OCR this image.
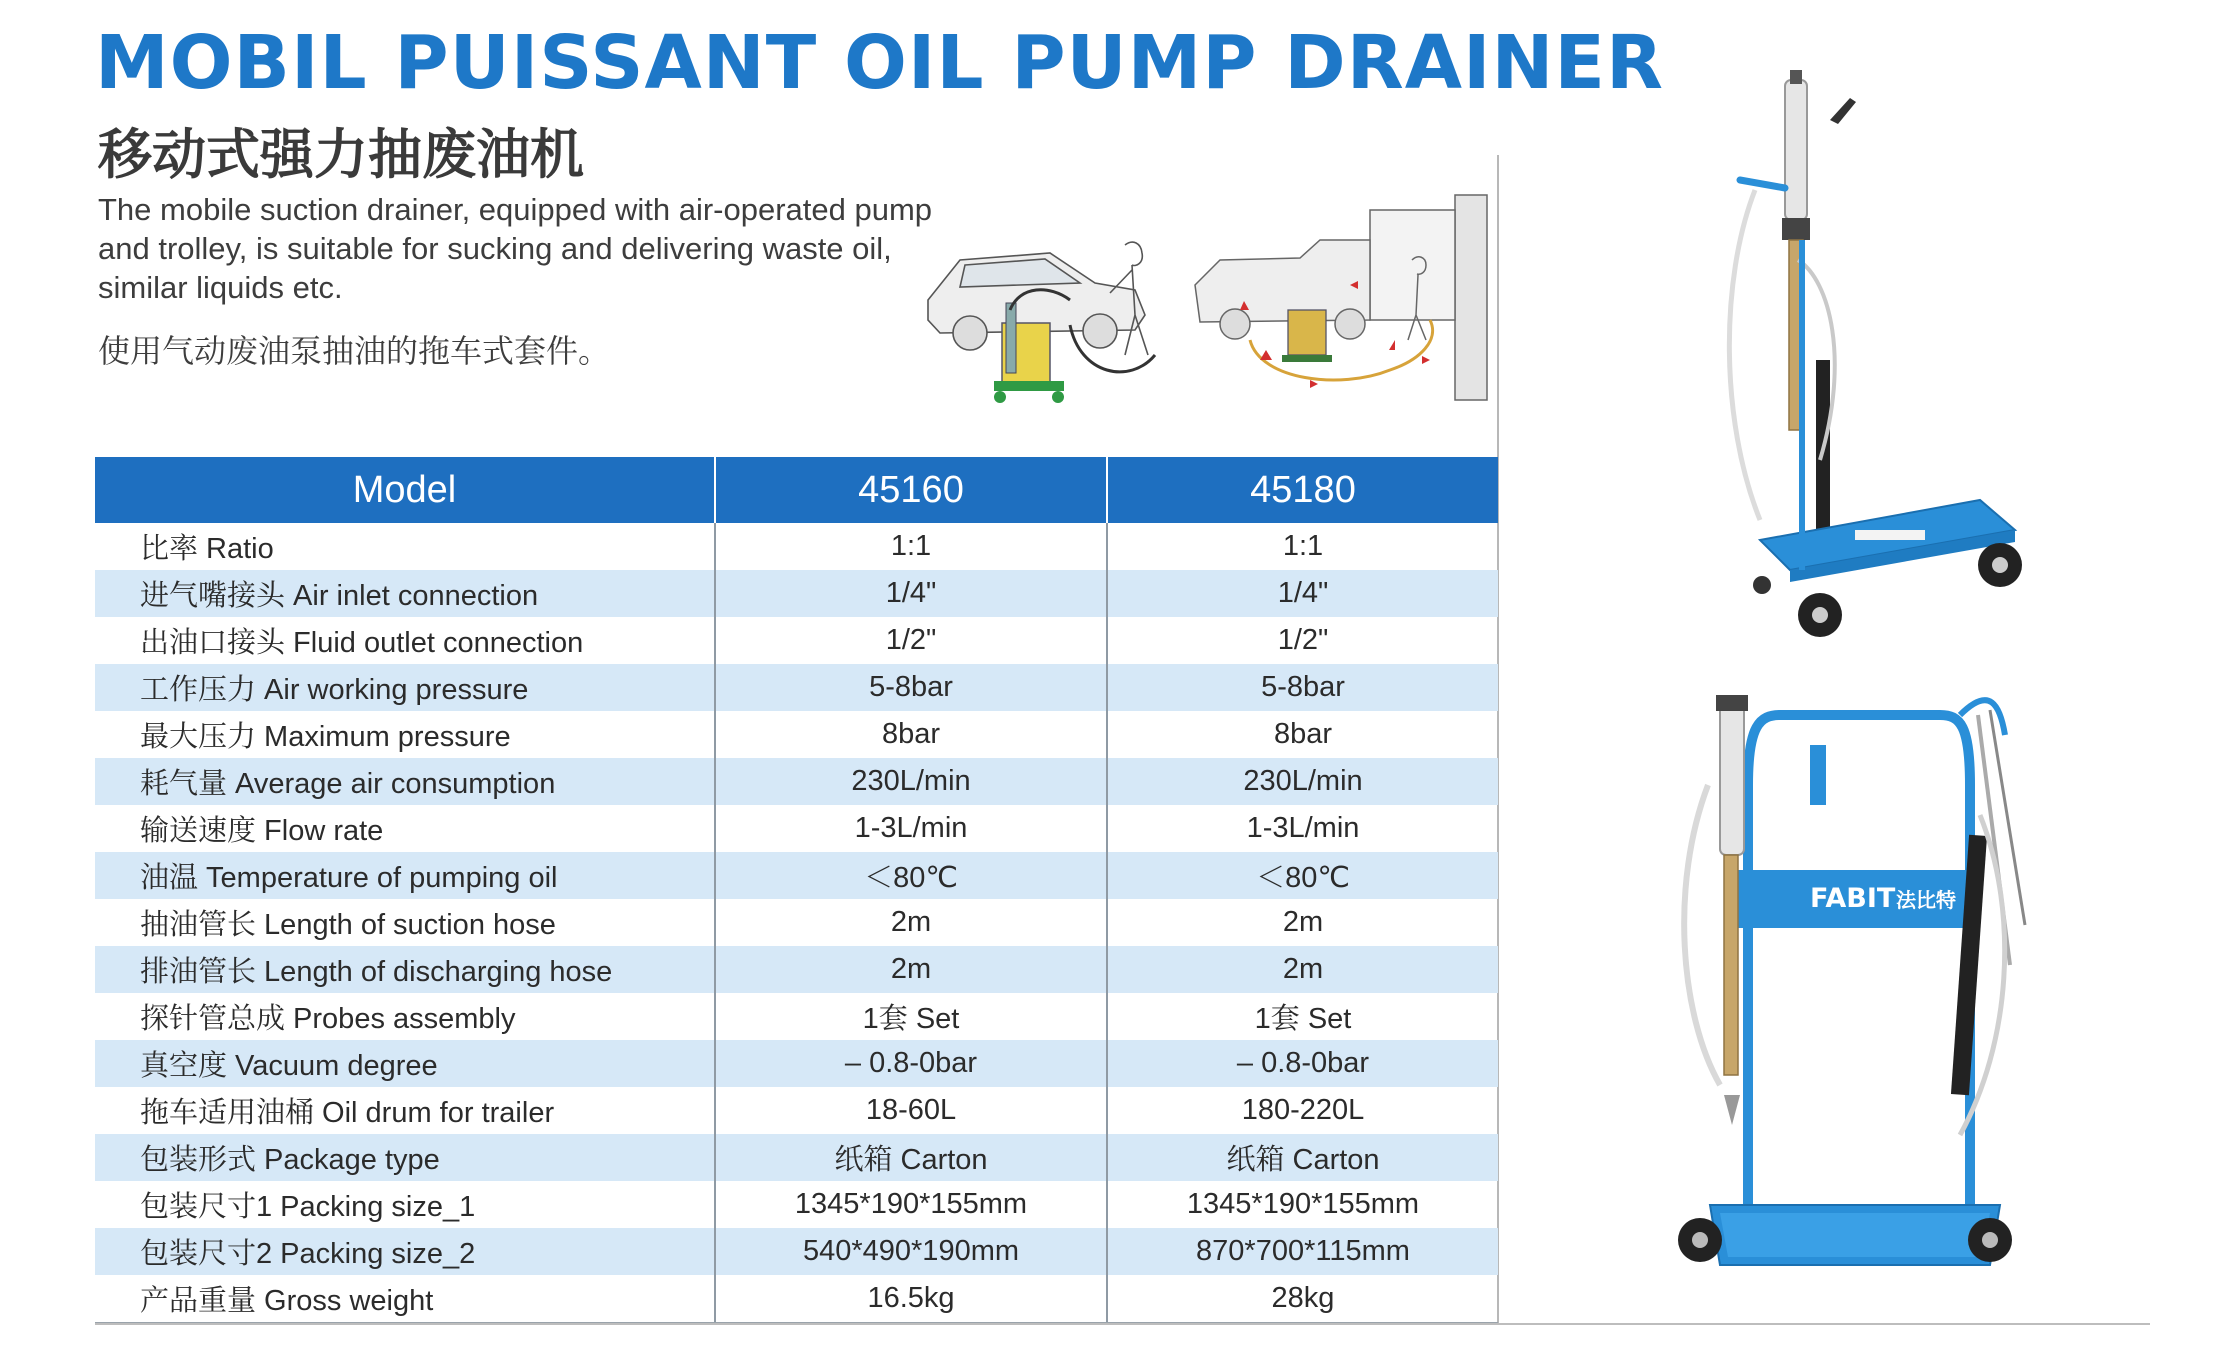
MOBIL PUISSANT OIL PUMP DRAINER
移动式强力抽废油机

The mobile suction drainer, equipped with air-operated pump and trolley, is suitable for sucking and delivering waste oil, similar liquids etc.

使用气动废油泵抽油的拖车式套件。

Model	45160	45180
比率 Ratio	1:1	1:1
进气嘴接头 Air inlet connection	1/4"	1/4"
出油口接头 Fluid outlet connection	1/2"	1/2"
工作压力 Air working pressure	5-8bar	5-8bar
最大压力 Maximum pressure	8bar	8bar
耗气量 Average air consumption	230L/min	230L/min
输送速度 Flow rate	1-3L/min	1-3L/min
油温 Temperature of pumping oil	＜80℃	＜80℃
抽油管长 Length of suction hose	2m	2m
排油管长 Length of discharging hose	2m	2m
探针管总成 Probes assembly	1套 Set	1套 Set
真空度 Vacuum degree	– 0.8-0bar	– 0.8-0bar
拖车适用油桶 Oil drum for trailer	18-60L	180-220L
包装形式 Package type	纸箱 Carton	纸箱 Carton
包装尺寸1 Packing size_1	1345*190*155mm	1345*190*155mm
包装尺寸2 Packing size_2	540*490*190mm	870*700*115mm
产品重量 Gross weight	16.5kg	28kg
FABIT 法比特
